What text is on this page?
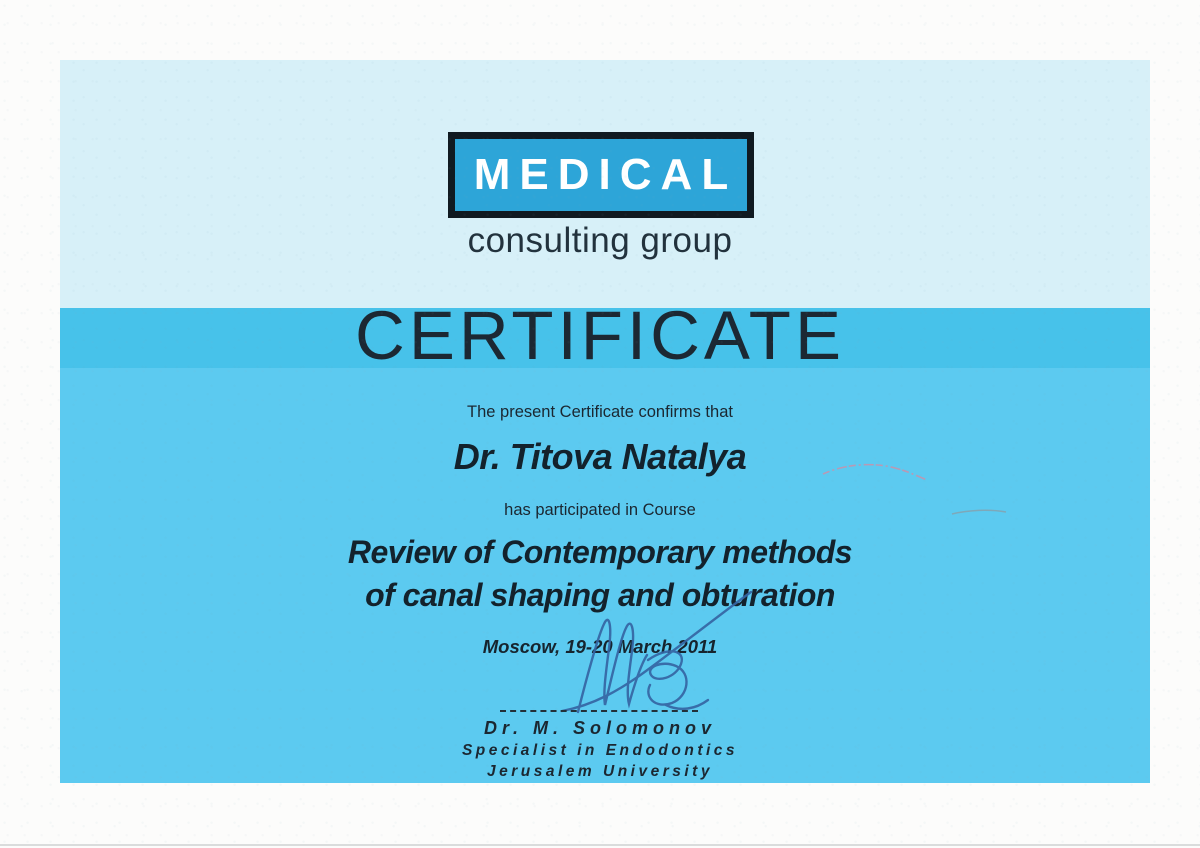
MEDICAL
consulting group
CERTIFICATE
The present Certificate confirms that
Dr. Titova Natalya
has participated in Course
Review of Contemporary methods
of canal shaping and obturation
Moscow, 19-20 March 2011
Dr. M. Solomonov
Specialist in Endodontics
Jerusalem University
